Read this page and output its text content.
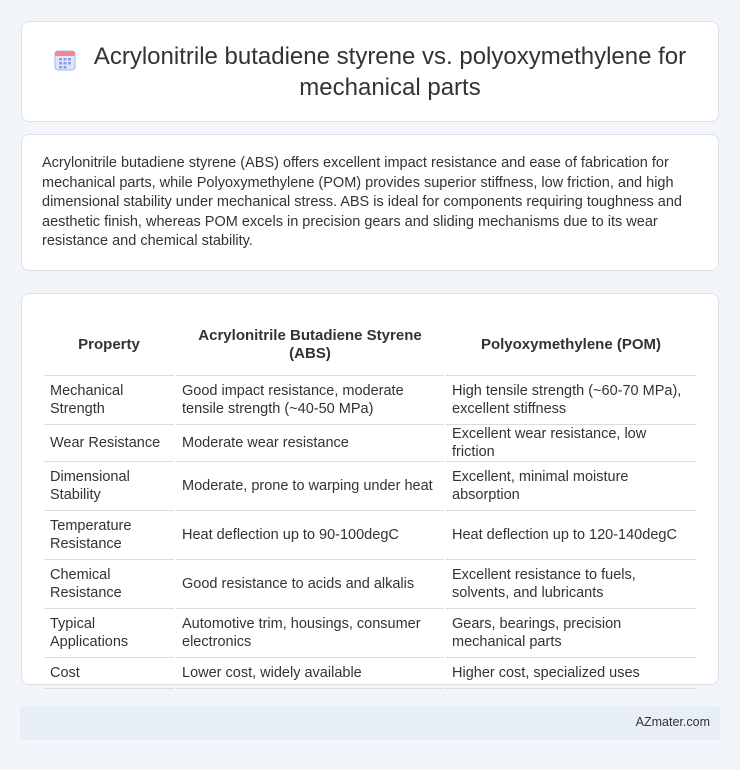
Acrylonitrile butadiene styrene vs. polyoxymethylene for mechanical parts

Acrylonitrile butadiene styrene (ABS) offers excellent impact resistance and ease of fabrication for mechanical parts, while Polyoxymethylene (POM) provides superior stiffness, low friction, and high dimensional stability under mechanical stress. ABS is ideal for components requiring toughness and aesthetic finish, whereas POM excels in precision gears and sliding mechanisms due to its wear resistance and chemical stability.

Property	Acrylonitrile Butadiene Styrene (ABS)	Polyoxymethylene (POM)
Mechanical Strength	Good impact resistance, moderate tensile strength (~40-50 MPa)	High tensile strength (~60-70 MPa), excellent stiffness
Wear Resistance	Moderate wear resistance	Excellent wear resistance, low friction
Dimensional Stability	Moderate, prone to warping under heat	Excellent, minimal moisture absorption
Temperature Resistance	Heat deflection up to 90-100degC	Heat deflection up to 120-140degC
Chemical Resistance	Good resistance to acids and alkalis	Excellent resistance to fuels, solvents, and lubricants
Typical Applications	Automotive trim, housings, consumer electronics	Gears, bearings, precision mechanical parts
Cost	Lower cost, widely available	Higher cost, specialized uses
AZmater.com
